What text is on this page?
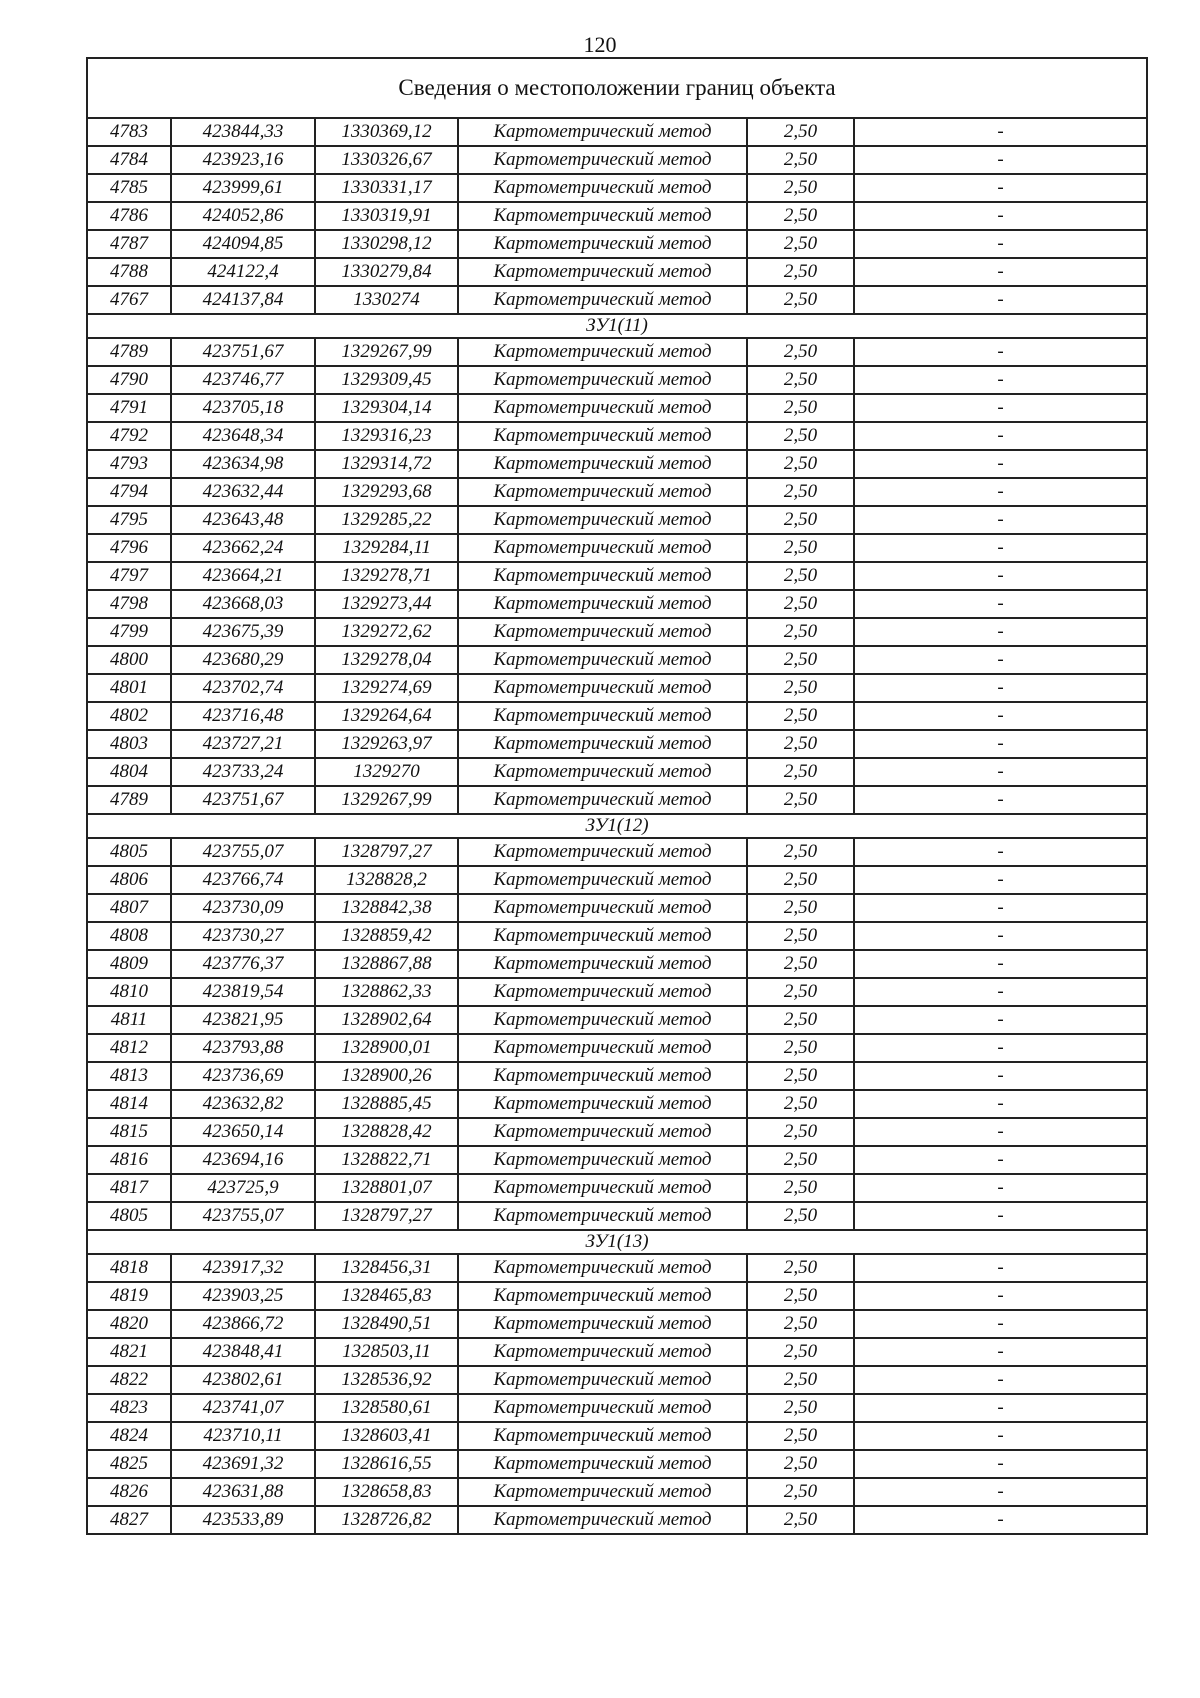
120
Сведения о местоположении границ объекта					
4783	423844,33	1330369,12	Картометрический метод	2,50	-
4784	423923,16	1330326,67	Картометрический метод	2,50	-
4785	423999,61	1330331,17	Картометрический метод	2,50	-
4786	424052,86	1330319,91	Картометрический метод	2,50	-
4787	424094,85	1330298,12	Картометрический метод	2,50	-
4788	424122,4	1330279,84	Картометрический метод	2,50	-
4767	424137,84	1330274	Картометрический метод	2,50	-
ЗУ1(11)					
4789	423751,67	1329267,99	Картометрический метод	2,50	-
4790	423746,77	1329309,45	Картометрический метод	2,50	-
4791	423705,18	1329304,14	Картометрический метод	2,50	-
4792	423648,34	1329316,23	Картометрический метод	2,50	-
4793	423634,98	1329314,72	Картометрический метод	2,50	-
4794	423632,44	1329293,68	Картометрический метод	2,50	-
4795	423643,48	1329285,22	Картометрический метод	2,50	-
4796	423662,24	1329284,11	Картометрический метод	2,50	-
4797	423664,21	1329278,71	Картометрический метод	2,50	-
4798	423668,03	1329273,44	Картометрический метод	2,50	-
4799	423675,39	1329272,62	Картометрический метод	2,50	-
4800	423680,29	1329278,04	Картометрический метод	2,50	-
4801	423702,74	1329274,69	Картометрический метод	2,50	-
4802	423716,48	1329264,64	Картометрический метод	2,50	-
4803	423727,21	1329263,97	Картометрический метод	2,50	-
4804	423733,24	1329270	Картометрический метод	2,50	-
4789	423751,67	1329267,99	Картометрический метод	2,50	-
ЗУ1(12)					
4805	423755,07	1328797,27	Картометрический метод	2,50	-
4806	423766,74	1328828,2	Картометрический метод	2,50	-
4807	423730,09	1328842,38	Картометрический метод	2,50	-
4808	423730,27	1328859,42	Картометрический метод	2,50	-
4809	423776,37	1328867,88	Картометрический метод	2,50	-
4810	423819,54	1328862,33	Картометрический метод	2,50	-
4811	423821,95	1328902,64	Картометрический метод	2,50	-
4812	423793,88	1328900,01	Картометрический метод	2,50	-
4813	423736,69	1328900,26	Картометрический метод	2,50	-
4814	423632,82	1328885,45	Картометрический метод	2,50	-
4815	423650,14	1328828,42	Картометрический метод	2,50	-
4816	423694,16	1328822,71	Картометрический метод	2,50	-
4817	423725,9	1328801,07	Картометрический метод	2,50	-
4805	423755,07	1328797,27	Картометрический метод	2,50	-
ЗУ1(13)					
4818	423917,32	1328456,31	Картометрический метод	2,50	-
4819	423903,25	1328465,83	Картометрический метод	2,50	-
4820	423866,72	1328490,51	Картометрический метод	2,50	-
4821	423848,41	1328503,11	Картометрический метод	2,50	-
4822	423802,61	1328536,92	Картометрический метод	2,50	-
4823	423741,07	1328580,61	Картометрический метод	2,50	-
4824	423710,11	1328603,41	Картометрический метод	2,50	-
4825	423691,32	1328616,55	Картометрический метод	2,50	-
4826	423631,88	1328658,83	Картометрический метод	2,50	-
4827	423533,89	1328726,82	Картометрический метод	2,50	-
